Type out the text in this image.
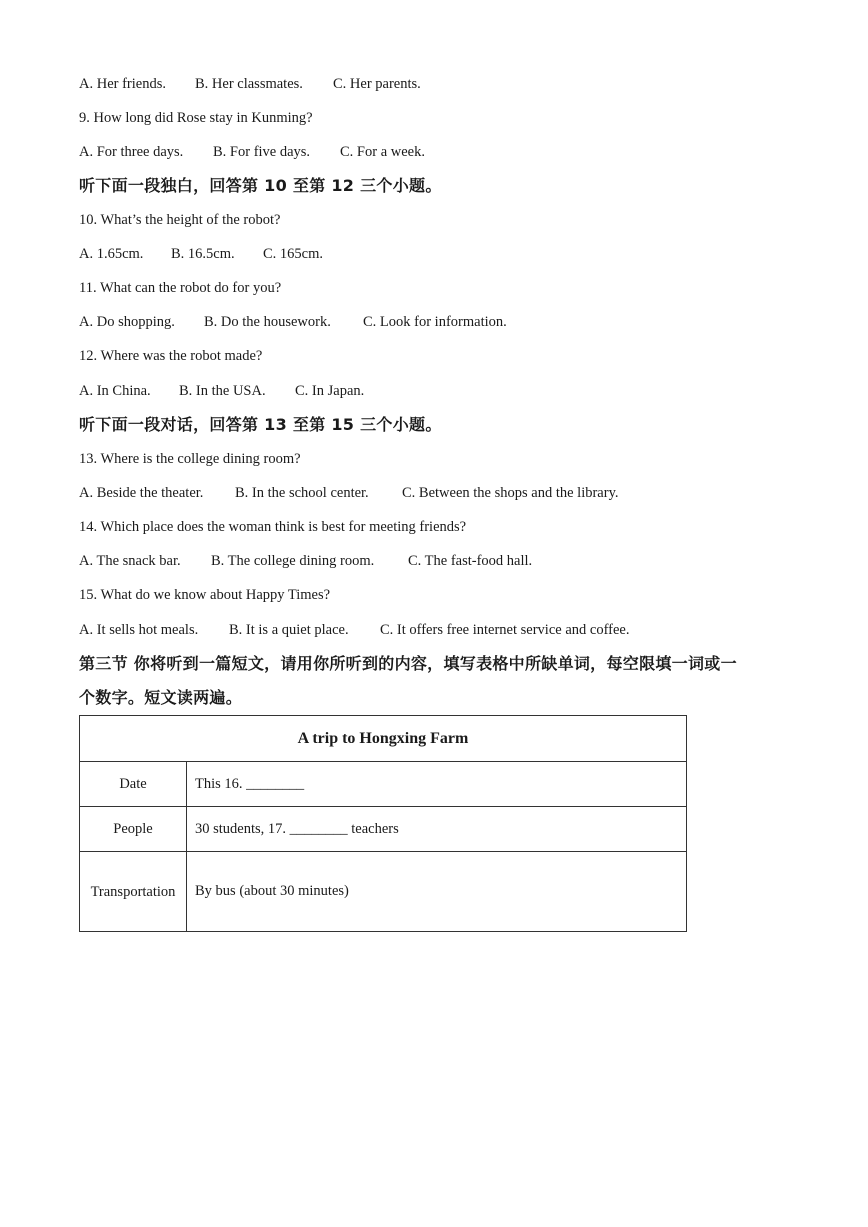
A. Her friends. B. Her classmates. C. Her parents.
9. How long did Rose stay in Kunming?
A. For three days. B. For five days. C. For a week.
听下面一段独白，回答第 10 至第 12 三个小题。
10. What’s the height of the robot?
A. 1.65cm. B. 16.5cm. C. 165cm.
11. What can the robot do for you?
A. Do shopping. B. Do the housework. C. Look for information.
12. Where was the robot made?
A. In China. B. In the USA. C. In Japan.
听下面一段对话，回答第 13 至第 15 三个小题。
13. Where is the college dining room?
A. Beside the theater. B. In the school center. C. Between the shops and the library.
14. Which place does the woman think is best for meeting friends?
A. The snack bar. B. The college dining room. C. The fast-food hall.
15. What do we know about Happy Times?
A. It sells hot meals. B. It is a quiet place. C. It offers free internet service and coffee.
第三节 你将听到一篇短文，请用你所听到的内容，填写表格中所缺单词，每空限填一词或一
个数字。短文读两遍。
A trip to Hongxing Farm	
Date	This 16. ________
People	30 students, 17. ________ teachers
Transportation	By bus (about 30 minutes)
